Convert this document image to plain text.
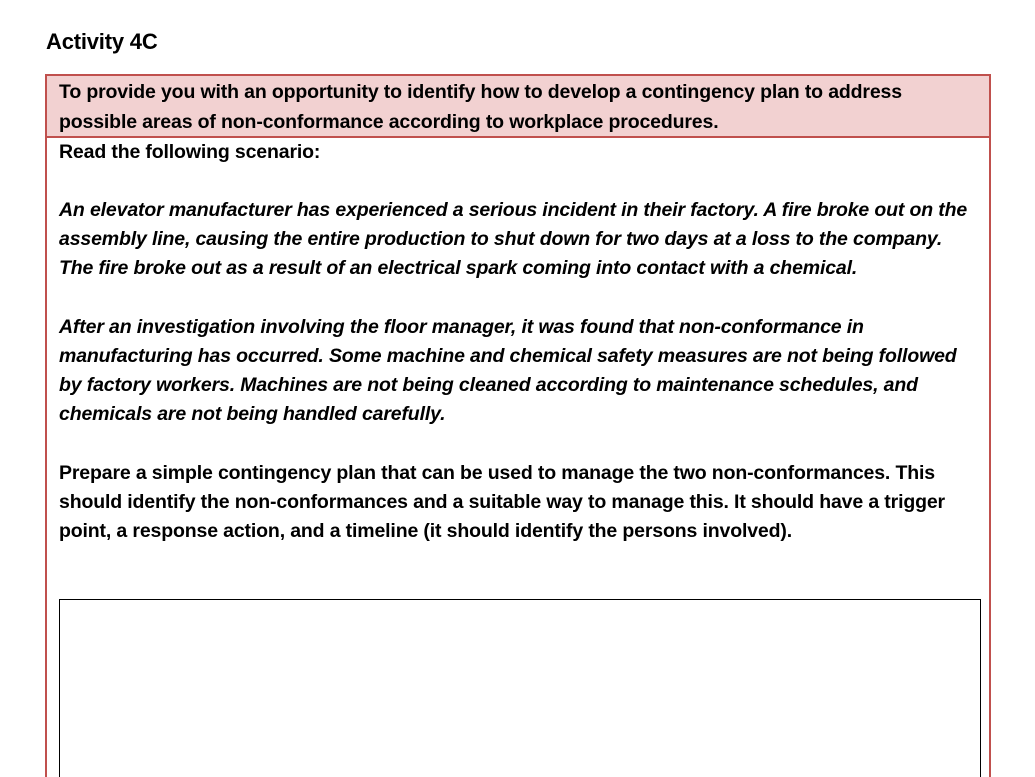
Activity 4C
To provide you with an opportunity to identify how to develop a contingency plan to address possible areas of non-conformance according to workplace procedures.

Read the following scenario:

An elevator manufacturer has experienced a serious incident in their factory. A fire broke out on the assembly line, causing the entire production to shut down for two days at a loss to the company. The fire broke out as a result of an electrical spark coming into contact with a chemical.

After an investigation involving the floor manager, it was found that non-conformance in manufacturing has occurred. Some machine and chemical safety measures are not being followed by factory workers. Machines are not being cleaned according to maintenance schedules, and chemicals are not being handled carefully.

Prepare a simple contingency plan that can be used to manage the two non-conformances. This should identify the non-conformances and a suitable way to manage this. It should have a trigger point, a response action, and a timeline (it should identify the persons involved).
